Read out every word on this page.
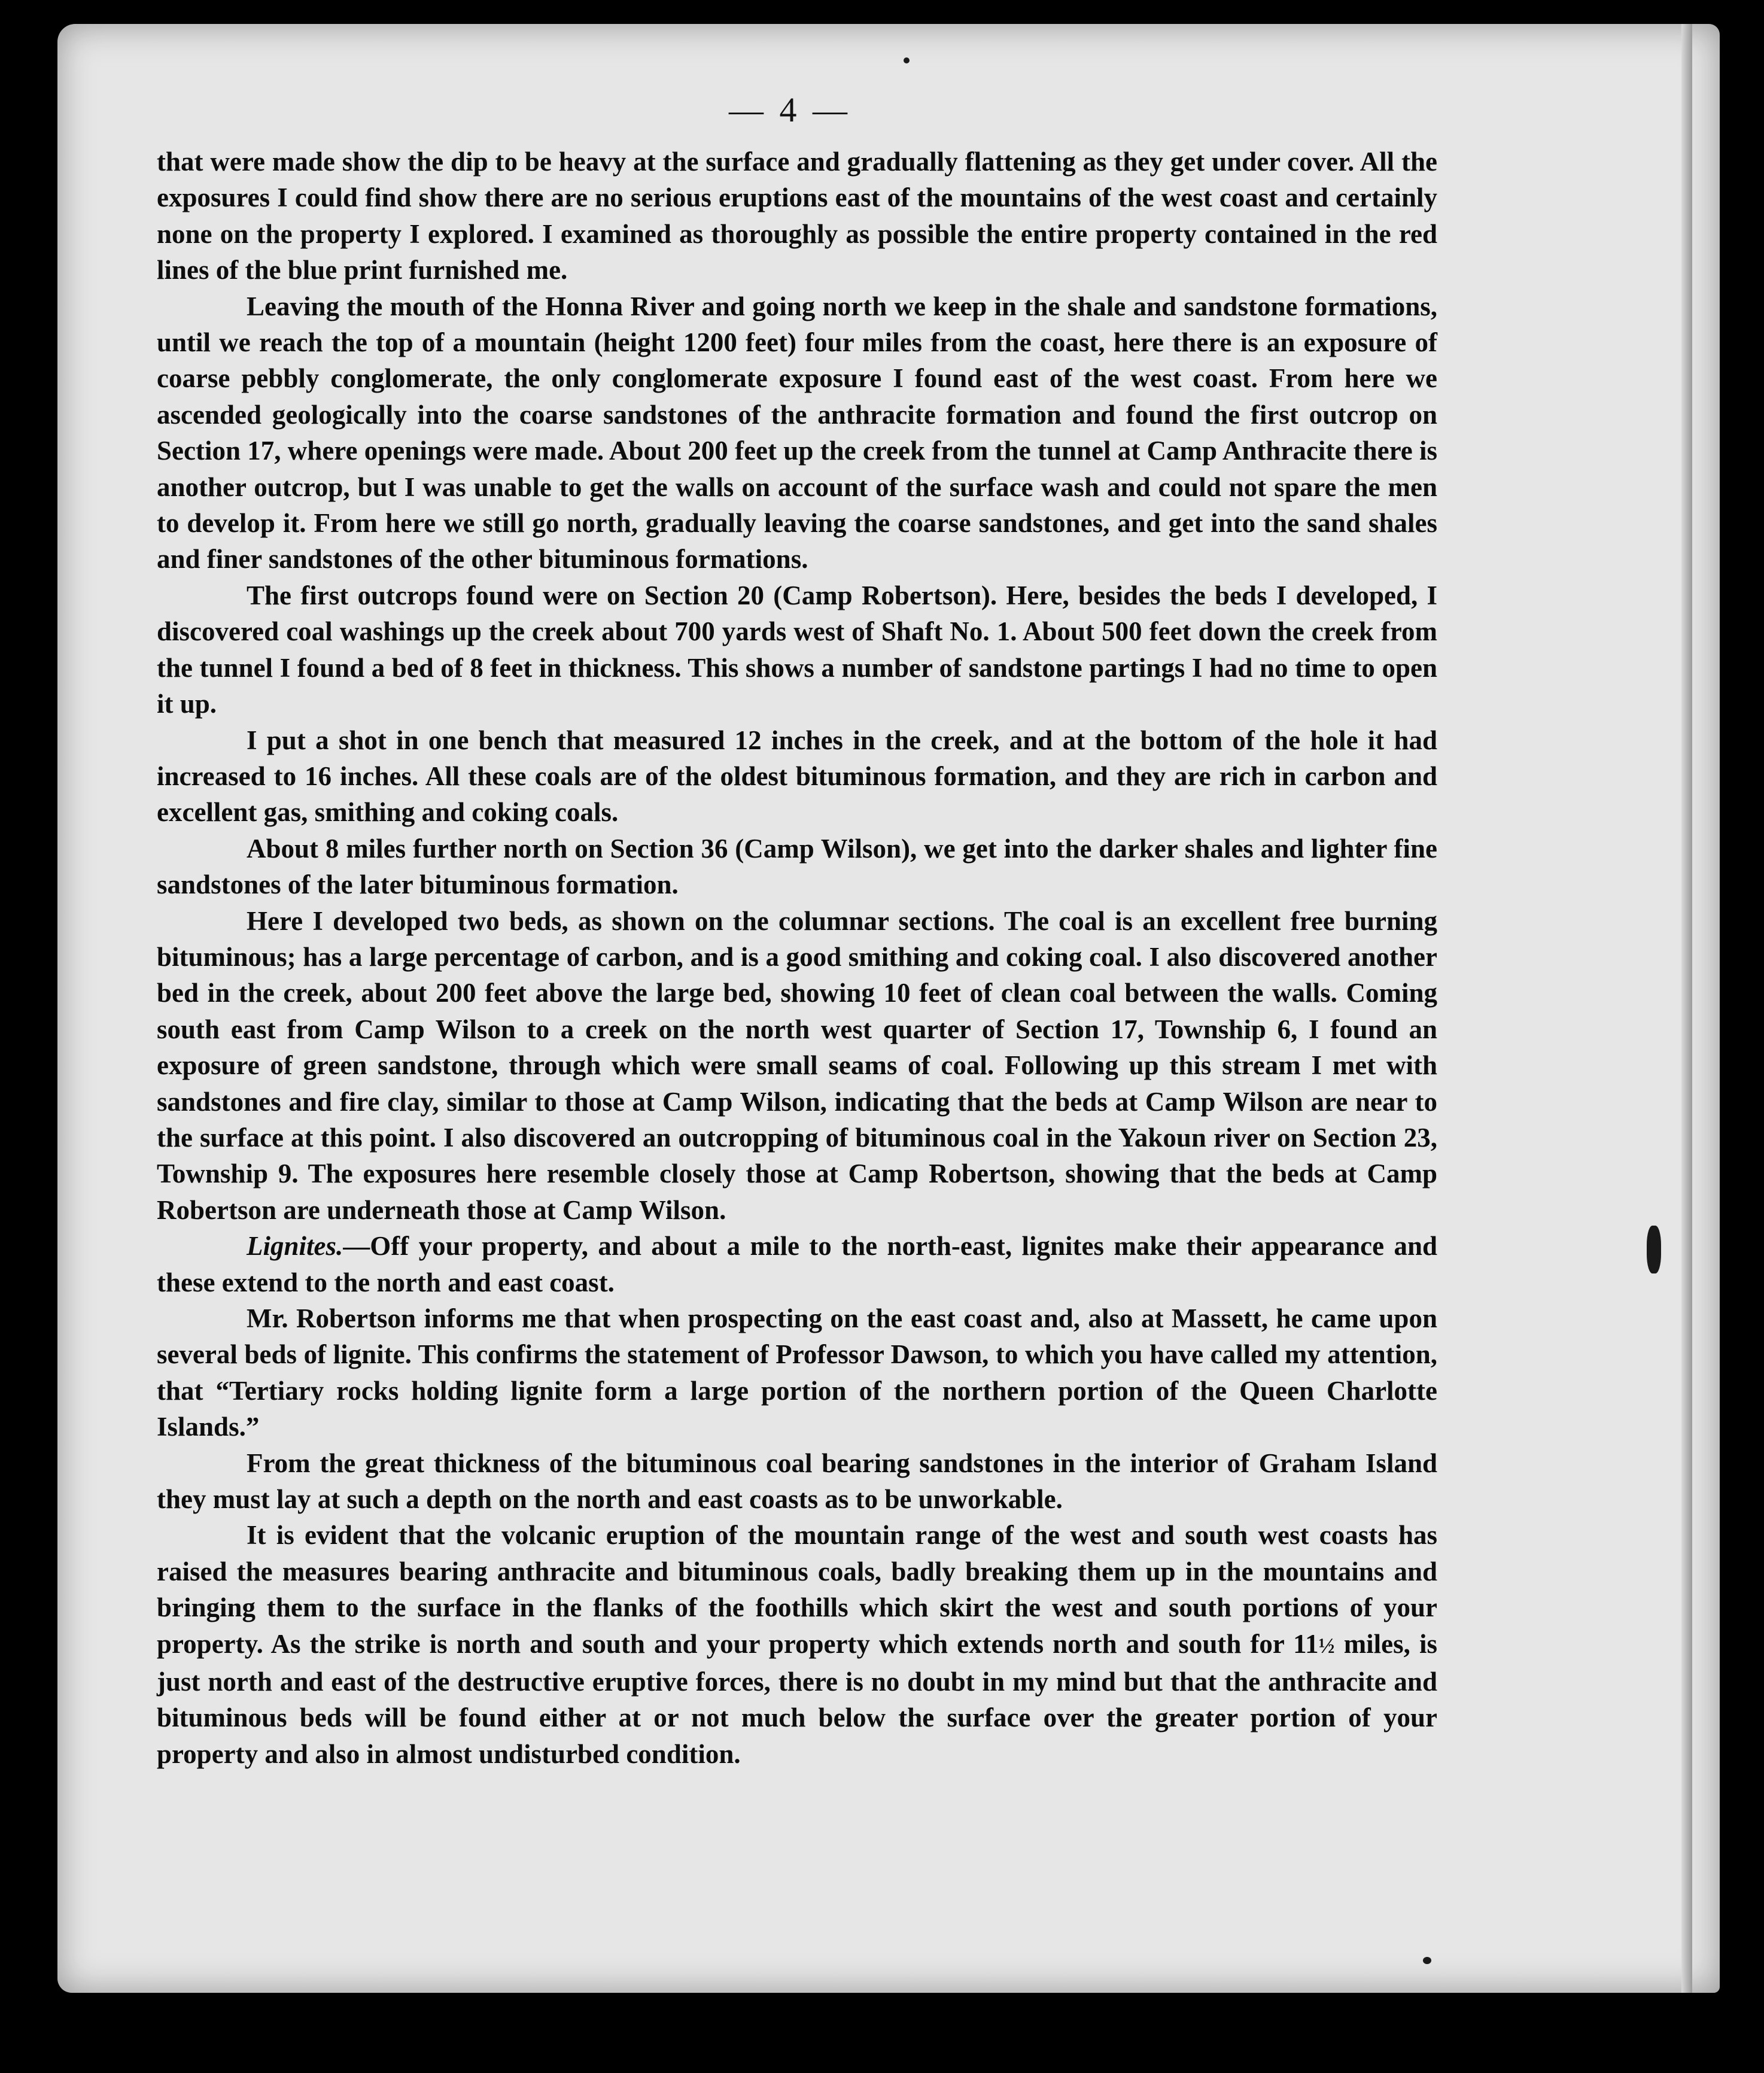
— 4 —

that were made show the dip to be heavy at the surface and gradually flattening as they get under cover. All the exposures I could find show there are no serious eruptions east of the mountains of the west coast and certainly none on the property I explored. I examined as thoroughly as possible the entire property contained in the red lines of the blue print furnished me.

Leaving the mouth of the Honna River and going north we keep in the shale and sandstone formations, until we reach the top of a mountain (height 1200 feet) four miles from the coast, here there is an exposure of coarse pebbly conglomerate, the only conglomerate exposure I found east of the west coast. From here we ascended geologically into the coarse sandstones of the anthracite formation and found the first outcrop on Section 17, where openings were made. About 200 feet up the creek from the tunnel at Camp Anthracite there is another outcrop, but I was unable to get the walls on account of the surface wash and could not spare the men to develop it. From here we still go north, gradually leaving the coarse sandstones, and get into the sand shales and finer sandstones of the other bituminous formations.

The first outcrops found were on Section 20 (Camp Robertson). Here, besides the beds I developed, I discovered coal washings up the creek about 700 yards west of Shaft No. 1. About 500 feet down the creek from the tunnel I found a bed of 8 feet in thickness. This shows a number of sandstone partings I had no time to open it up.

I put a shot in one bench that measured 12 inches in the creek, and at the bottom of the hole it had increased to 16 inches. All these coals are of the oldest bituminous formation, and they are rich in carbon and excellent gas, smithing and coking coals.

About 8 miles further north on Section 36 (Camp Wilson), we get into the darker shales and lighter fine sandstones of the later bituminous formation.

Here I developed two beds, as shown on the columnar sections. The coal is an excellent free burning bituminous; has a large percentage of carbon, and is a good smithing and coking coal. I also discovered another bed in the creek, about 200 feet above the large bed, showing 10 feet of clean coal between the walls. Coming south east from Camp Wilson to a creek on the north west quarter of Section 17, Township 6, I found an exposure of green sandstone, through which were small seams of coal. Following up this stream I met with sandstones and fire clay, similar to those at Camp Wilson, indicating that the beds at Camp Wilson are near to the surface at this point. I also discovered an outcropping of bituminous coal in the Yakoun river on Section 23, Township 9. The exposures here resemble closely those at Camp Robertson, showing that the beds at Camp Robertson are underneath those at Camp Wilson.

Lignites.—Off your property, and about a mile to the north-east, lignites make their appearance and these extend to the north and east coast.

Mr. Robertson informs me that when prospecting on the east coast and, also at Massett, he came upon several beds of lignite. This confirms the statement of Professor Dawson, to which you have called my attention, that “Tertiary rocks holding lignite form a large portion of the northern portion of the Queen Charlotte Islands.”

From the great thickness of the bituminous coal bearing sandstones in the interior of Graham Island they must lay at such a depth on the north and east coasts as to be unworkable.

It is evident that the volcanic eruption of the mountain range of the west and south west coasts has raised the measures bearing anthracite and bituminous coals, badly breaking them up in the mountains and bringing them to the surface in the flanks of the foothills which skirt the west and south portions of your property. As the strike is north and south and your property which extends north and south for 11½ miles, is just north and east of the destructive eruptive forces, there is no doubt in my mind but that the anthracite and bituminous beds will be found either at or not much below the surface over the greater portion of your property and also in almost undisturbed condition.
